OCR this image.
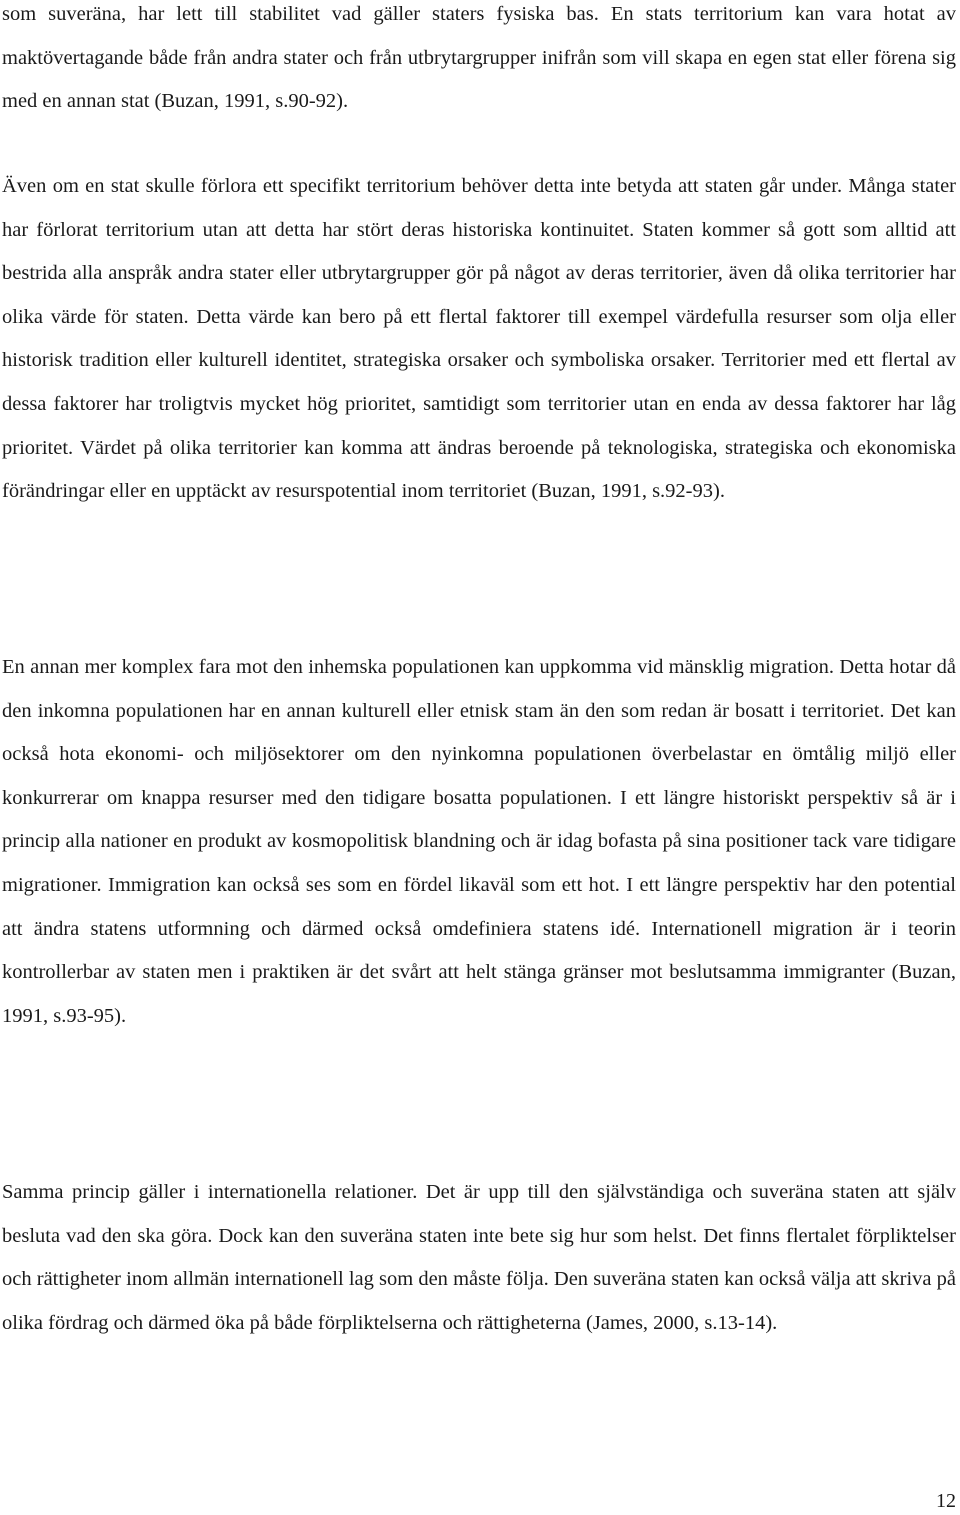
som suveräna, har lett till stabilitet vad gäller staters fysiska bas. En stats territorium kan vara hotat av maktövertagande både från andra stater och från utbrytargrupper inifrån som vill skapa en egen stat eller förena sig med en annan stat (Buzan, 1991, s.90-92).

Även om en stat skulle förlora ett specifikt territorium behöver detta inte betyda att staten går under. Många stater har förlorat territorium utan att detta har stört deras historiska kontinuitet. Staten kommer så gott som alltid att bestrida alla anspråk andra stater eller utbrytargrupper gör på något av deras territorier, även då olika territorier har olika värde för staten. Detta värde kan bero på ett flertal faktorer till exempel värdefulla resurser som olja eller historisk tradition eller kulturell identitet, strategiska orsaker och symboliska orsaker. Territorier med ett flertal av dessa faktorer har troligtvis mycket hög prioritet, samtidigt som territorier utan en enda av dessa faktorer har låg prioritet. Värdet på olika territorier kan komma att ändras beroende på teknologiska, strategiska och ekonomiska förändringar eller en upptäckt av resurspotential inom territoriet (Buzan, 1991, s.92-93).

En annan mer komplex fara mot den inhemska populationen kan uppkomma vid mänsklig migration. Detta hotar då den inkomna populationen har en annan kulturell eller etnisk stam än den som redan är bosatt i territoriet. Det kan också hota ekonomi- och miljösektorer om den nyinkomna populationen överbelastar en ömtålig miljö eller konkurrerar om knappa resurser med den tidigare bosatta populationen. I ett längre historiskt perspektiv så är i princip alla nationer en produkt av kosmopolitisk blandning och är idag bofasta på sina positioner tack vare tidigare migrationer. Immigration kan också ses som en fördel likaväl som ett hot. I ett längre perspektiv har den potential att ändra statens utformning och därmed också omdefiniera statens idé. Internationell migration är i teorin kontrollerbar av staten men i praktiken är det svårt att helt stänga gränser mot beslutsamma immigranter (Buzan, 1991, s.93-95).

Samma princip gäller i internationella relationer. Det är upp till den självständiga och suveräna staten att själv besluta vad den ska göra. Dock kan den suveräna staten inte bete sig hur som helst. Det finns flertalet förpliktelser och rättigheter inom allmän internationell lag som den måste följa. Den suveräna staten kan också välja att skriva på olika fördrag och därmed öka på både förpliktelserna och rättigheterna (James, 2000, s.13-14).

12
